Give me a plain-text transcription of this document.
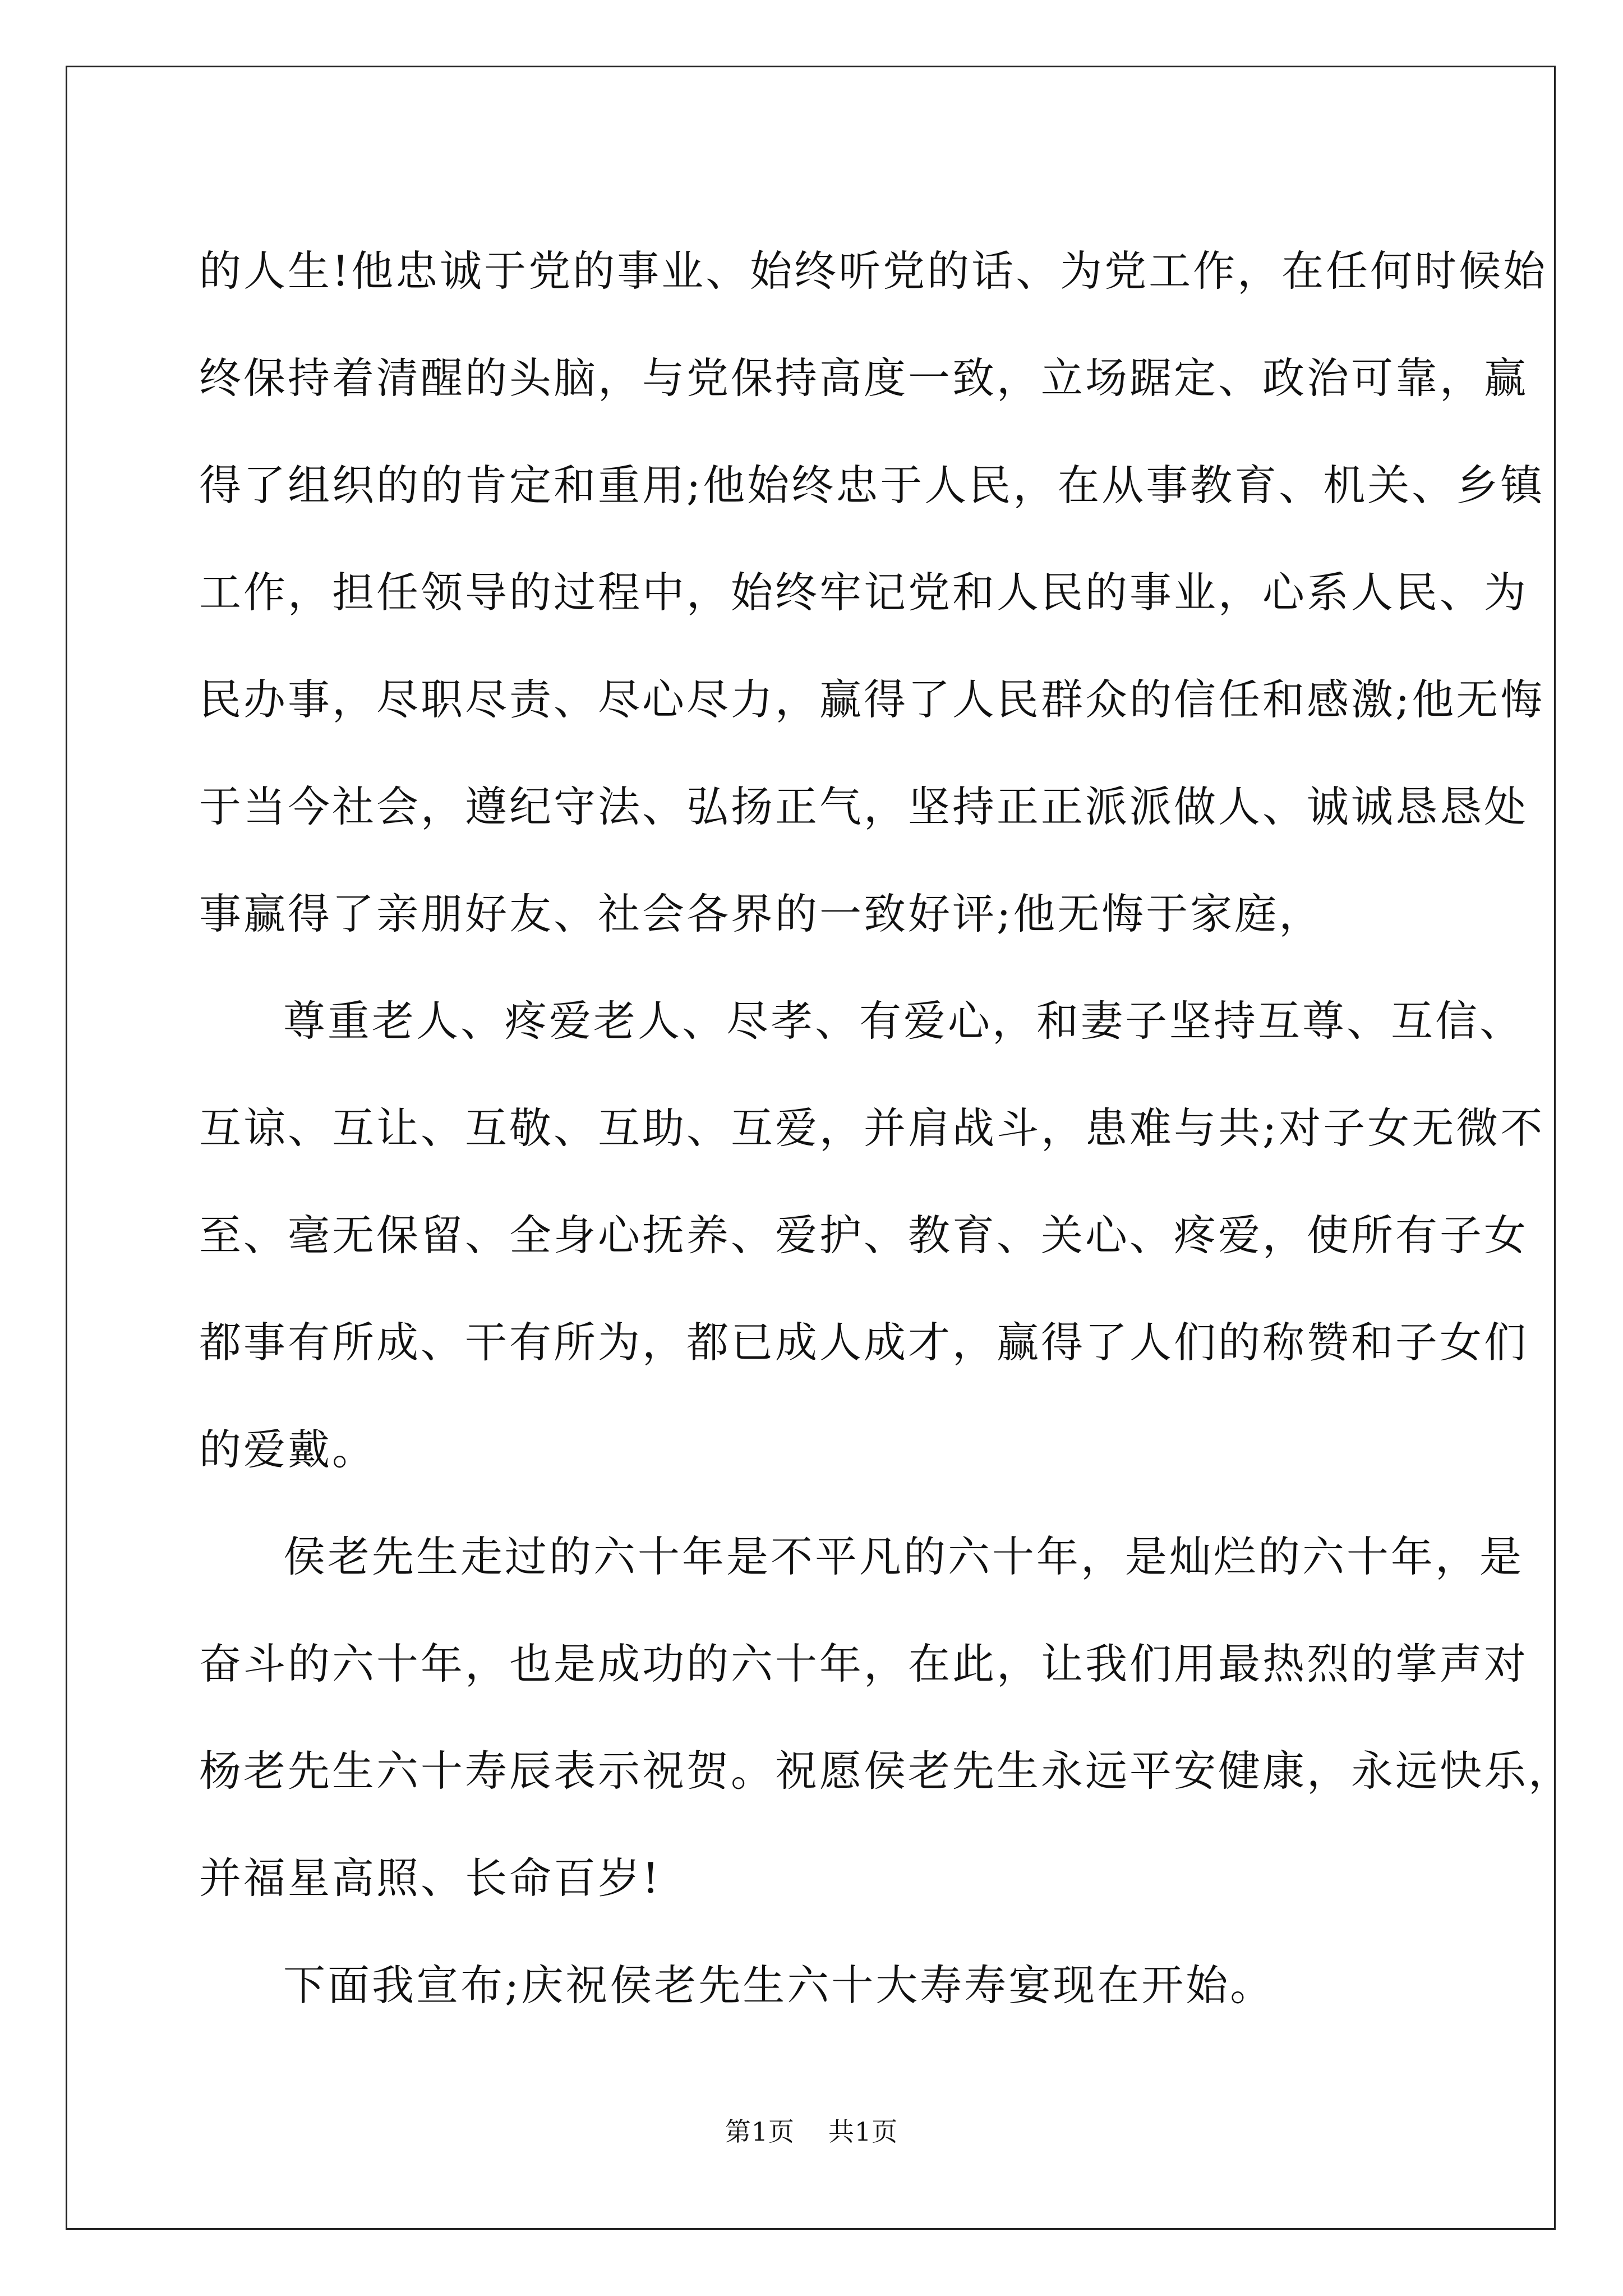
的人生!他忠诚于党的事业、始终听党的话、为党工作，在任何时候始
终保持着清醒的头脑，与党保持高度一致，立场踞定、政治可靠，赢
得了组织的的肯定和重用;他始终忠于人民，在从事教育、机关、乡镇
工作，担任领导的过程中，始终牢记党和人民的事业，心系人民、为
民办事，尽职尽责、尽心尽力，赢得了人民群众的信任和感激;他无悔
于当今社会，遵纪守法、弘扬正气，坚持正正派派做人、诚诚恳恳处
事赢得了亲朋好友、社会各界的一致好评;他无悔于家庭，
尊重老人、疼爱老人、尽孝、有爱心，和妻子坚持互尊、互信、
互谅、互让、互敬、互助、互爱，并肩战斗，患难与共;对子女无微不
至、毫无保留、全身心抚养、爱护、教育、关心、疼爱，使所有子女
都事有所成、干有所为，都已成人成才，赢得了人们的称赞和子女们
的爱戴。
侯老先生走过的六十年是不平凡的六十年，是灿烂的六十年，是
奋斗的六十年，也是成功的六十年，在此，让我们用最热烈的掌声对
杨老先生六十寿辰表示祝贺。祝愿侯老先生永远平安健康，永远快乐，
并福星高照、长命百岁!
下面我宣布;庆祝侯老先生六十大寿寿宴现在开始。
第1页 共1页
